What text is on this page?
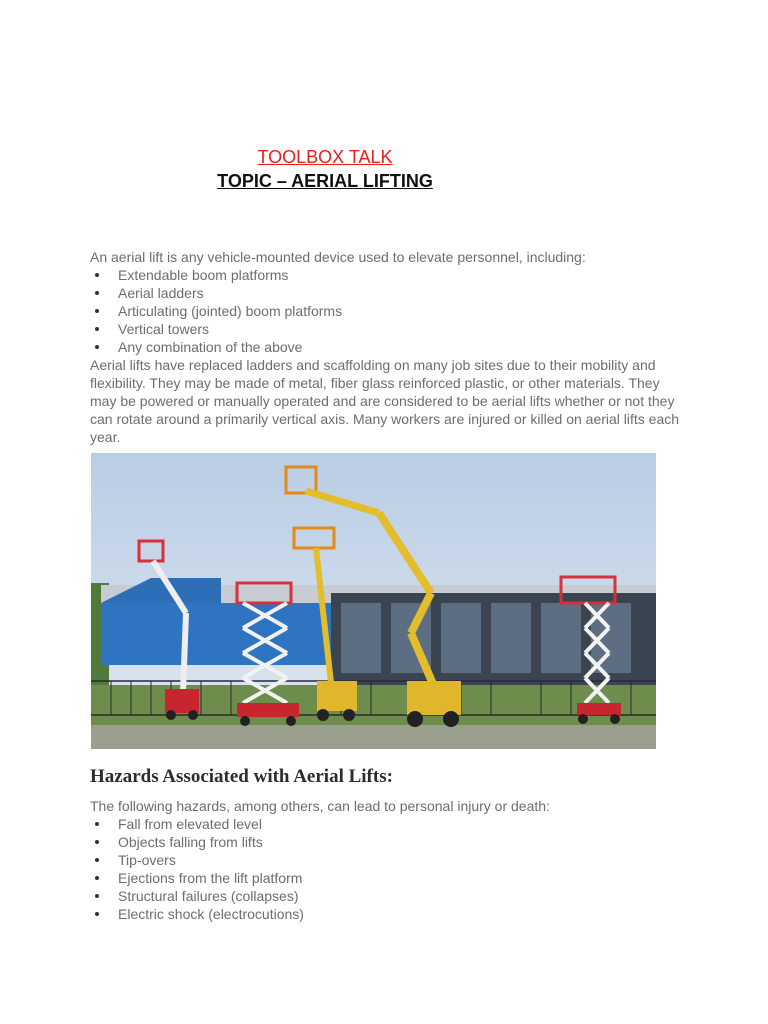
TOOLBOX TALK
TOPIC – AERIAL LIFTING
An aerial lift is any vehicle-mounted device used to elevate personnel, including:
Extendable boom platforms
Aerial ladders
Articulating (jointed) boom platforms
Vertical towers
Any combination of the above
Aerial lifts have replaced ladders and scaffolding on many job sites due to their mobility and flexibility. They may be made of metal, fiber glass reinforced plastic, or other materials. They may be powered or manually operated and are considered to be aerial lifts whether or not they can rotate around a primarily vertical axis. Many workers are injured or killed on aerial lifts each year.
Hazards Associated with Aerial Lifts:
The following hazards, among others, can lead to personal injury or death:
Fall from elevated level
Objects falling from lifts
Tip-overs
Ejections from the lift platform
Structural failures (collapses)
Electric shock (electrocutions)
